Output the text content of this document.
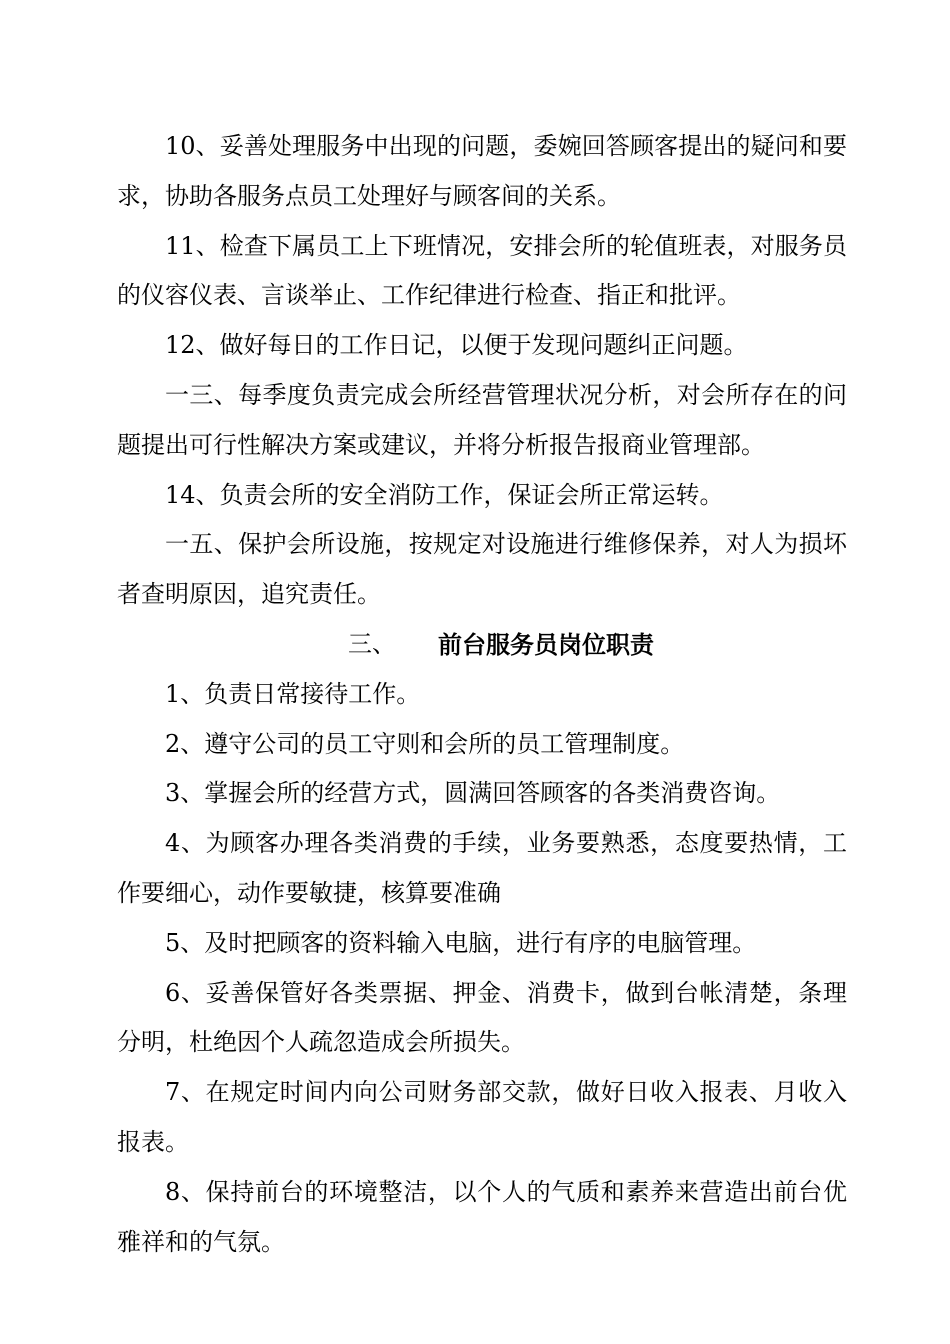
10、妥善处理服务中出现的问题，委婉回答顾客提出的疑问和要求，协助各服务点员工处理好与顾客间的关系。

11、检查下属员工上下班情况，安排会所的轮值班表，对服务员的仪容仪表、言谈举止、工作纪律进行检查、指正和批评。

12、做好每日的工作日记，以便于发现问题纠正问题。

一三、每季度负责完成会所经营管理状况分析，对会所存在的问题提出可行性解决方案或建议，并将分析报告报商业管理部。

14、负责会所的安全消防工作，保证会所正常运转。

一五、保护会所设施，按规定对设施进行维修保养，对人为损坏者查明原因，追究责任。

三、 前台服务员岗位职责

1、负责日常接待工作。

2、遵守公司的员工守则和会所的员工管理制度。

3、掌握会所的经营方式，圆满回答顾客的各类消费咨询。

4、为顾客办理各类消费的手续，业务要熟悉，态度要热情，工作要细心，动作要敏捷，核算要准确

5、及时把顾客的资料输入电脑，进行有序的电脑管理。

6、妥善保管好各类票据、押金、消费卡，做到台帐清楚，条理分明，杜绝因个人疏忽造成会所损失。

7、在规定时间内向公司财务部交款，做好日收入报表、月收入报表。

8、保持前台的环境整洁，以个人的气质和素养来营造出前台优雅祥和的气氛。
